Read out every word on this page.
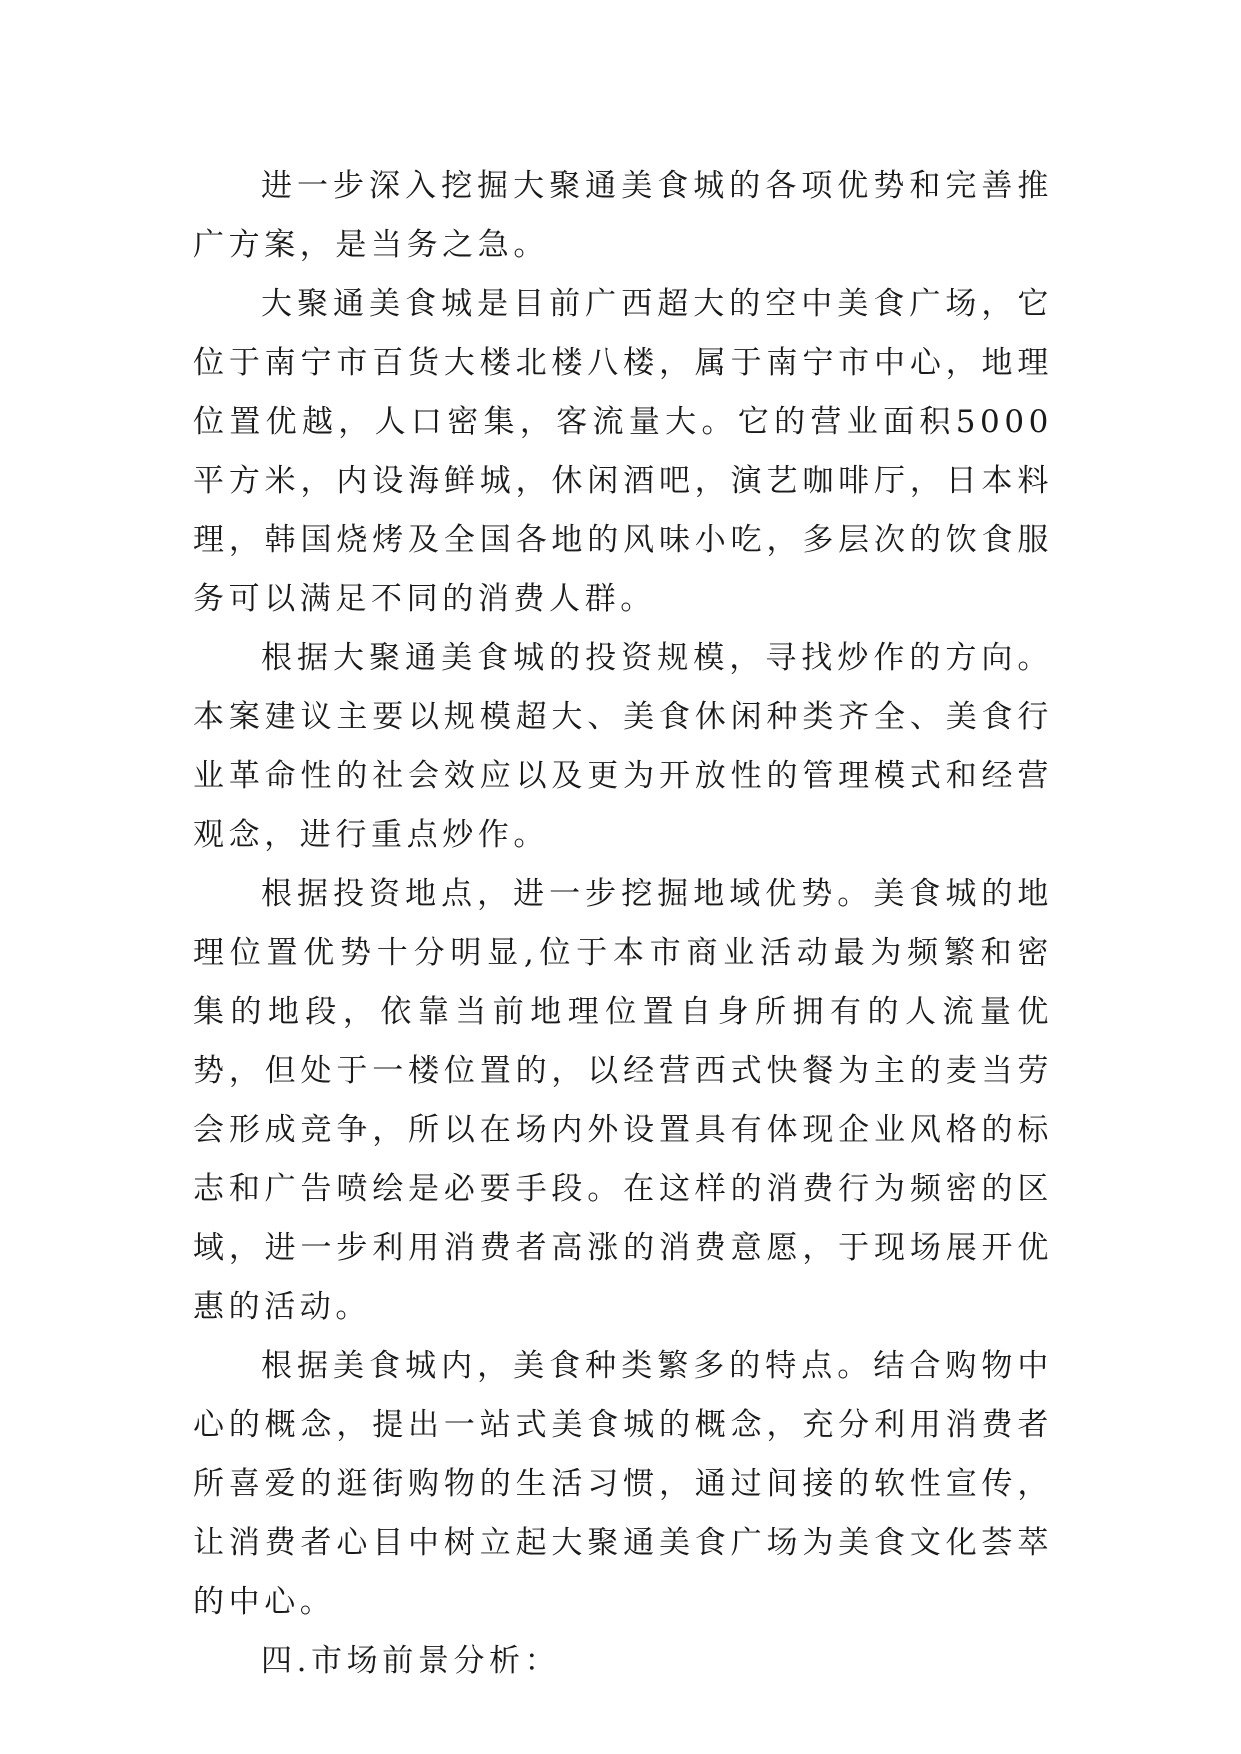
进一步深入挖掘大聚通美食城的各项优势和完善推广方案，是当务之急。

大聚通美食城是目前广西超大的空中美食广场，它位于南宁市百货大楼北楼八楼，属于南宁市中心，地理位置优越，人口密集，客流量大。它的营业面积5000平方米，内设海鲜城，休闲酒吧，演艺咖啡厅，日本料理，韩国烧烤及全国各地的风味小吃，多层次的饮食服务可以满足不同的消费人群。

根据大聚通美食城的投资规模，寻找炒作的方向。本案建议主要以规模超大、美食休闲种类齐全、美食行业革命性的社会效应以及更为开放性的管理模式和经营观念，进行重点炒作。

根据投资地点，进一步挖掘地域优势。美食城的地理位置优势十分明显,位于本市商业活动最为频繁和密集的地段，依靠当前地理位置自身所拥有的人流量优势，但处于一楼位置的，以经营西式快餐为主的麦当劳会形成竞争，所以在场内外设置具有体现企业风格的标志和广告喷绘是必要手段。在这样的消费行为频密的区域，进一步利用消费者高涨的消费意愿，于现场展开优惠的活动。

根据美食城内，美食种类繁多的特点。结合购物中心的概念，提出一站式美食城的概念，充分利用消费者所喜爱的逛街购物的生活习惯，通过间接的软性宣传，让消费者心目中树立起大聚通美食广场为美食文化荟萃的中心。

四.市场前景分析：
